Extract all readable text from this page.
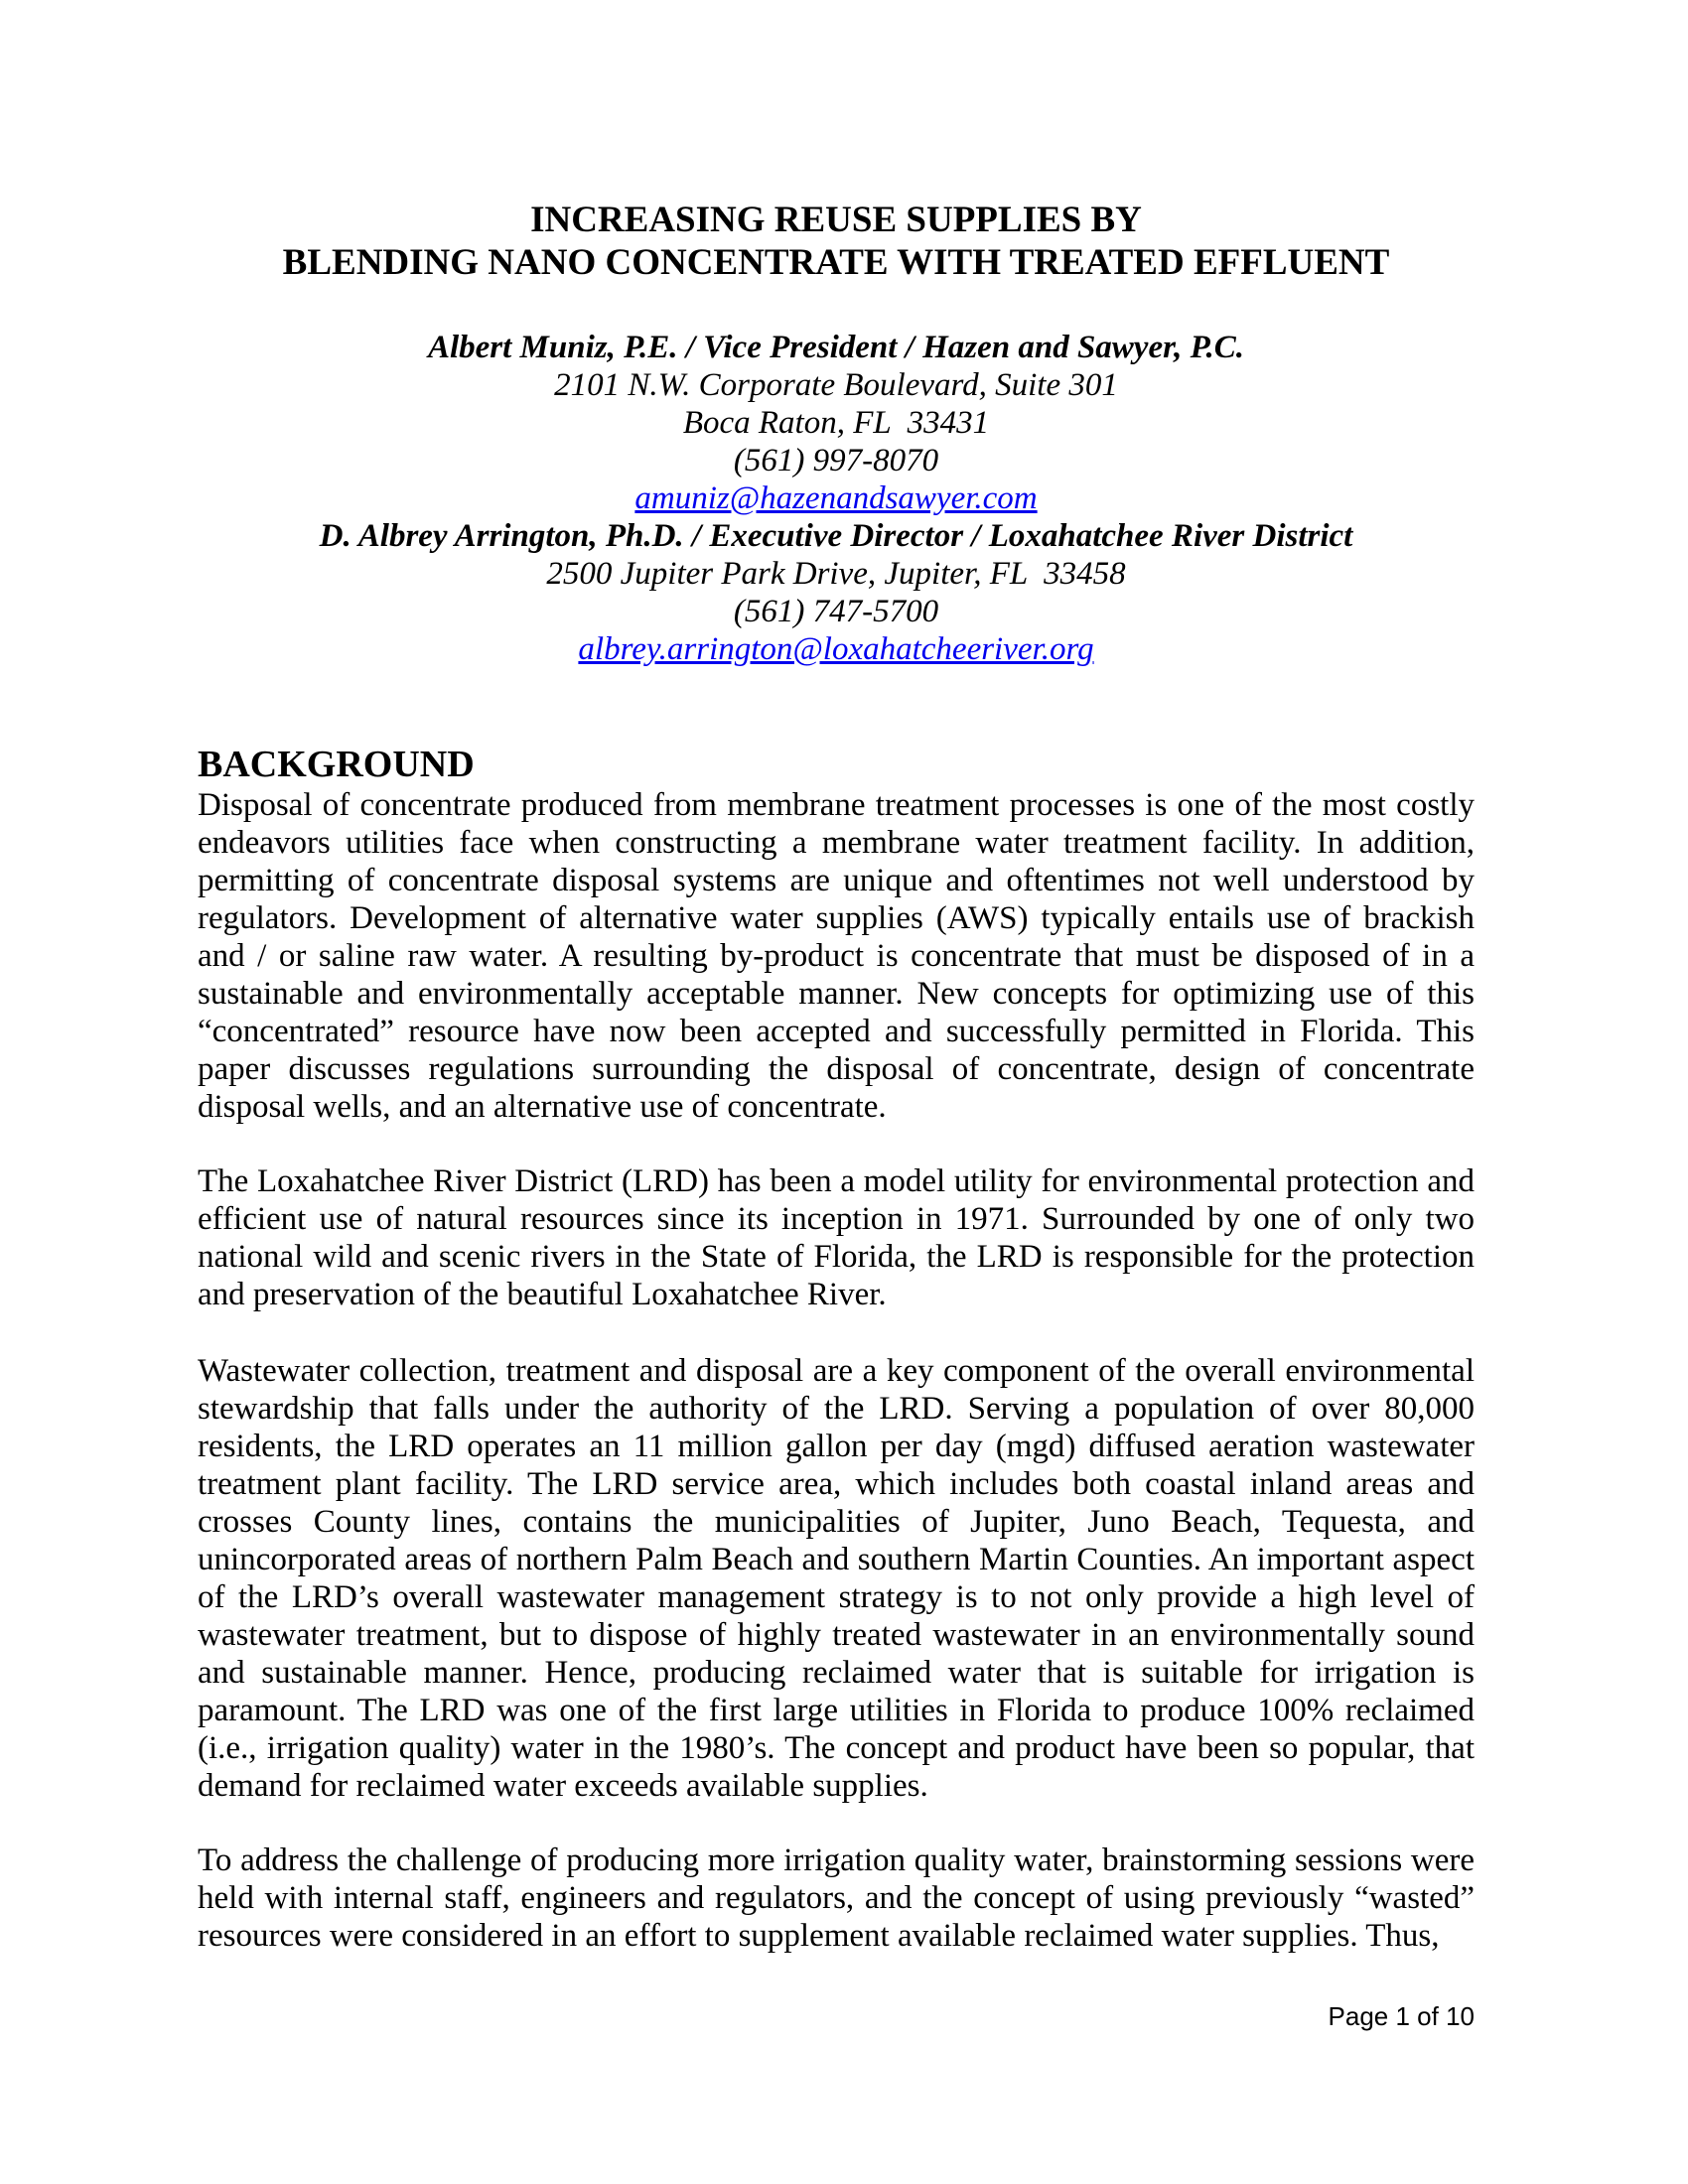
INCREASING REUSE SUPPLIES BY
BLENDING NANO CONCENTRATE WITH TREATED EFFLUENT
Albert Muniz, P.E. / Vice President / Hazen and Sawyer, P.C.
2101 N.W. Corporate Boulevard, Suite 301
Boca Raton, FL  33431
(561) 997-8070
amuniz@hazenandsawyer.com
D. Albrey Arrington, Ph.D. / Executive Director / Loxahatchee River District
2500 Jupiter Park Drive, Jupiter, FL  33458
(561) 747-5700
albrey.arrington@loxahatcheeriver.org
BACKGROUND

Disposal of concentrate produced from membrane treatment processes is one of the most costly endeavors utilities face when constructing a membrane water treatment facility. In addition, permitting of concentrate disposal systems are unique and oftentimes not well understood by regulators. Development of alternative water supplies (AWS) typically entails use of brackish and / or saline raw water. A resulting by-product is concentrate that must be disposed of in a sustainable and environmentally acceptable manner. New concepts for optimizing use of this “concentrated” resource have now been accepted and successfully permitted in Florida. This paper discusses regulations surrounding the disposal of concentrate, design of concentrate disposal wells, and an alternative use of concentrate.

The Loxahatchee River District (LRD) has been a model utility for environmental protection and efficient use of natural resources since its inception in 1971. Surrounded by one of only two national wild and scenic rivers in the State of Florida, the LRD is responsible for the protection and preservation of the beautiful Loxahatchee River.

Wastewater collection, treatment and disposal are a key component of the overall environmental stewardship that falls under the authority of the LRD. Serving a population of over 80,000 residents, the LRD operates an 11 million gallon per day (mgd) diffused aeration wastewater treatment plant facility. The LRD service area, which includes both coastal inland areas and crosses County lines, contains the municipalities of Jupiter, Juno Beach, Tequesta, and unincorporated areas of northern Palm Beach and southern Martin Counties. An important aspect of the LRD’s overall wastewater management strategy is to not only provide a high level of wastewater treatment, but to dispose of highly treated wastewater in an environmentally sound and sustainable manner. Hence, producing reclaimed water that is suitable for irrigation is paramount. The LRD was one of the first large utilities in Florida to produce 100% reclaimed (i.e., irrigation quality) water in the 1980’s. The concept and product have been so popular, that demand for reclaimed water exceeds available supplies.

To address the challenge of producing more irrigation quality water, brainstorming sessions were held with internal staff, engineers and regulators, and the concept of using previously “wasted” resources were considered in an effort to supplement available reclaimed water supplies. Thus,

Page 1 of 10
